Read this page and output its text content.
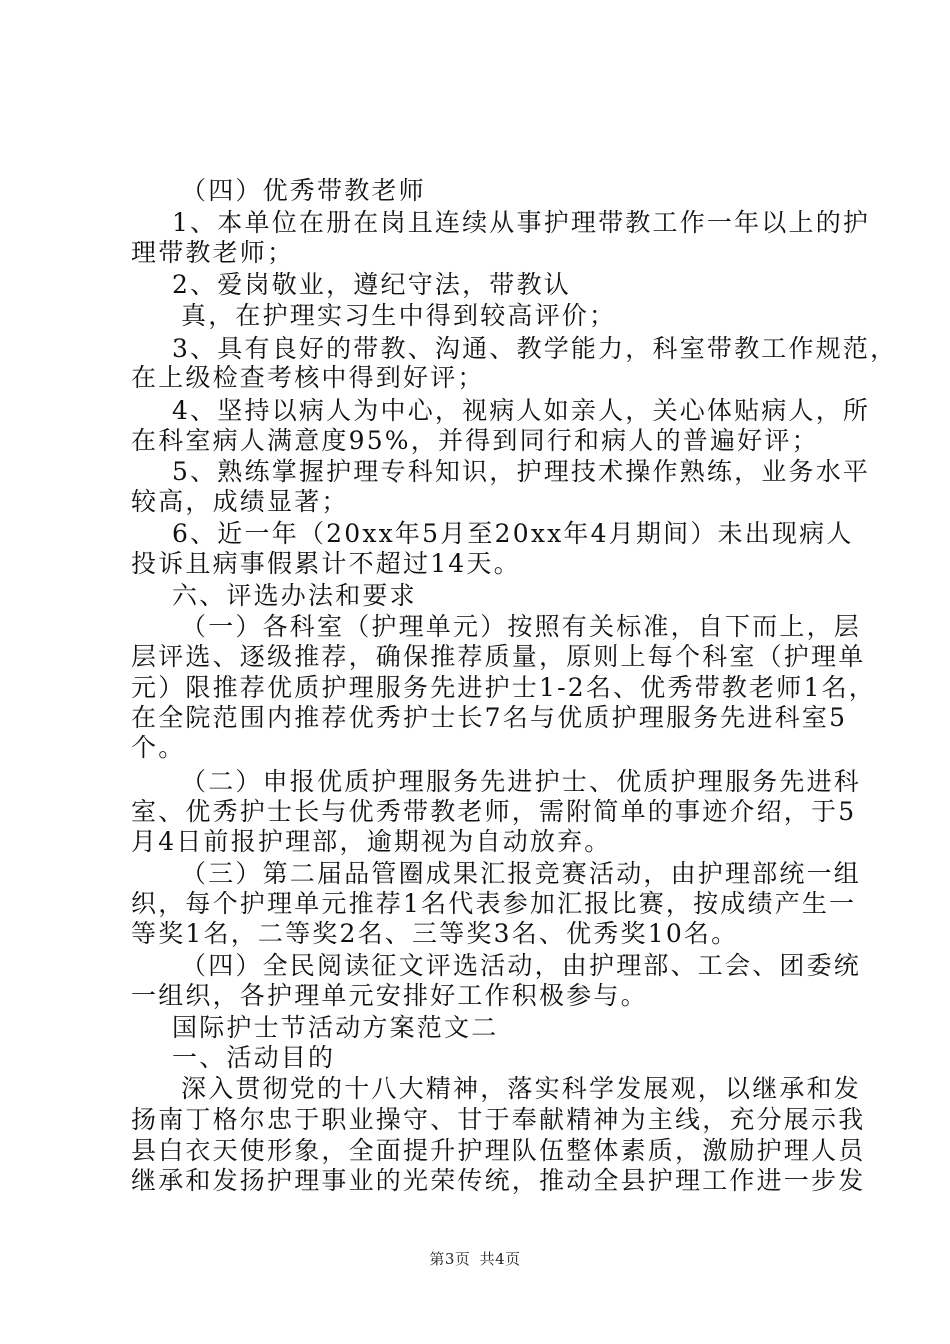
（四）优秀带教老师
1、本单位在册在岗且连续从事护理带教工作一年以上的护
理带教老师；
2、爱岗敬业，遵纪守法，带教认
真，在护理实习生中得到较高评价；
3、具有良好的带教、沟通、教学能力，科室带教工作规范，
在上级检查考核中得到好评；
4、坚持以病人为中心，视病人如亲人，关心体贴病人，所
在科室病人满意度95%，并得到同行和病人的普遍好评；
5、熟练掌握护理专科知识，护理技术操作熟练，业务水平
较高，成绩显著；
6、近一年（20xx年5月至20xx年4月期间）未出现病人
投诉且病事假累计不超过14天。
六、评选办法和要求
（一）各科室（护理单元）按照有关标准，自下而上，层
层评选、逐级推荐，确保推荐质量，原则上每个科室（护理单
元）限推荐优质护理服务先进护士1-2名、优秀带教老师1名，
在全院范围内推荐优秀护士长7名与优质护理服务先进科室5
个。
（二）申报优质护理服务先进护士、优质护理服务先进科
室、优秀护士长与优秀带教老师，需附简单的事迹介绍，于5
月4日前报护理部，逾期视为自动放弃。
（三）第二届品管圈成果汇报竞赛活动，由护理部统一组
织，每个护理单元推荐1名代表参加汇报比赛，按成绩产生一
等奖1名，二等奖2名、三等奖3名、优秀奖10名。
（四）全民阅读征文评选活动，由护理部、工会、团委统
一组织，各护理单元安排好工作积极参与。
国际护士节活动方案范文二
一、活动目的
深入贯彻党的十八大精神，落实科学发展观，以继承和发
扬南丁格尔忠于职业操守、甘于奉献精神为主线，充分展示我
县白衣天使形象，全面提升护理队伍整体素质，激励护理人员
继承和发扬护理事业的光荣传统，推动全县护理工作进一步发
第3页 共4页
